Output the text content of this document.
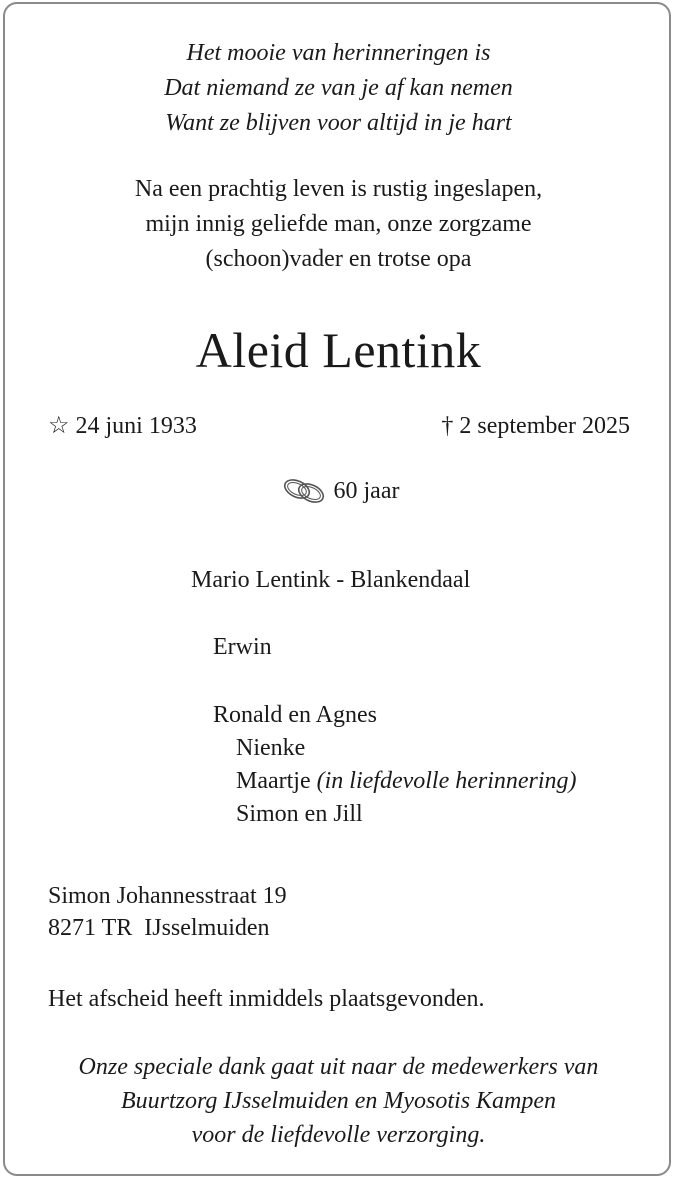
Het mooie van herinneringen is
Dat niemand ze van je af kan nemen
Want ze blijven voor altijd in je hart
Na een prachtig leven is rustig ingeslapen,
mijn innig geliefde man, onze zorgzame
(schoon)vader en trotse opa
Aleid Lentink
☆ 24 juni 1933	† 2 september 2025
60 jaar
Mario Lentink - Blankendaal
Erwin
Ronald en Agnes
Nienke
Maartje (in liefdevolle herinnering)
Simon en Jill
Simon Johannesstraat 19
8271 TR  IJsselmuiden
Het afscheid heeft inmiddels plaatsgevonden.
Onze speciale dank gaat uit naar de medewerkers van
Buurtzorg IJsselmuiden en Myosotis Kampen
voor de liefdevolle verzorging.
